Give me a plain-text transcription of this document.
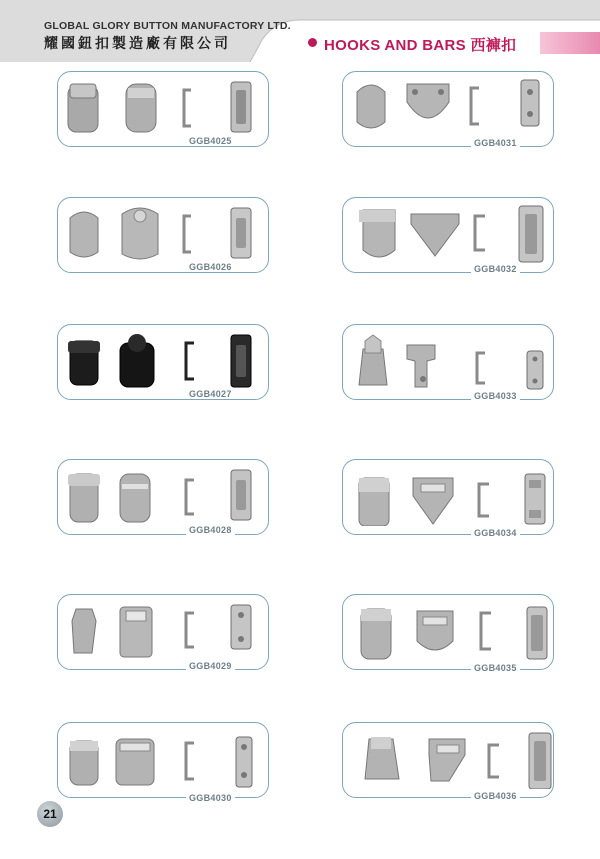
GLOBAL GLORY BUTTON MANUFACTORY LTD.
耀國鈕扣製造廠有限公司	HOOKS AND BARS 西褲扣
GGB4025
GGB4026
GGB4027
GGB4028
GGB4029
GGB4030
GGB4031
GGB4032
GGB4033
GGB4034
GGB4035
GGB4036
21
